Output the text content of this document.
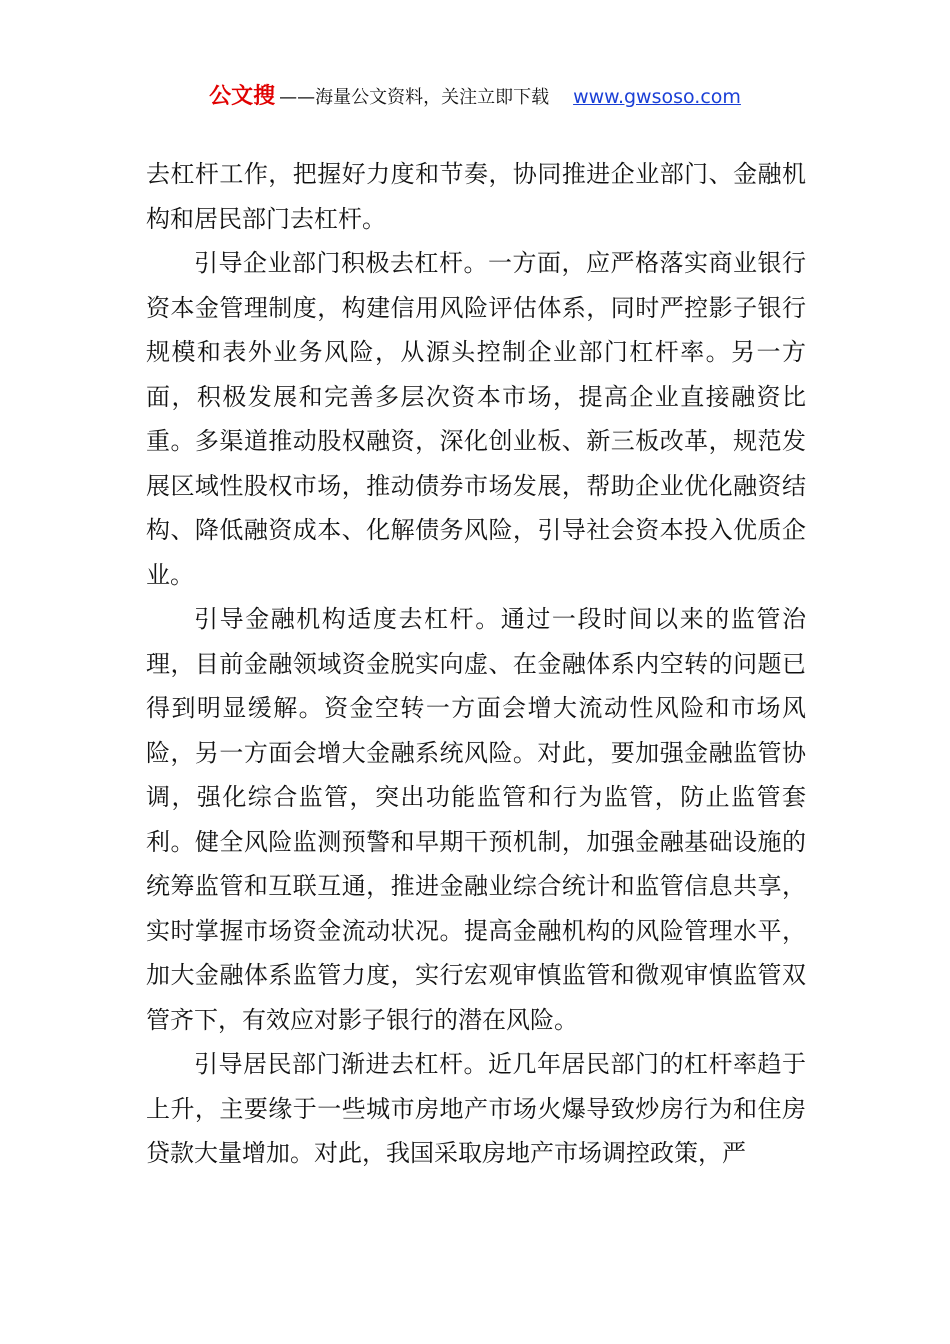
公文搜 ——海量公文资料，关注立即下载 www.gwsoso.com

去杠杆工作，把握好力度和节奏，协同推进企业部门、金融机构和居民部门去杠杆。

引导企业部门积极去杠杆。一方面，应严格落实商业银行资本金管理制度，构建信用风险评估体系，同时严控影子银行规模和表外业务风险，从源头控制企业部门杠杆率。另一方面，积极发展和完善多层次资本市场，提高企业直接融资比重。多渠道推动股权融资，深化创业板、新三板改革，规范发展区域性股权市场，推动债券市场发展，帮助企业优化融资结构、降低融资成本、化解债务风险，引导社会资本投入优质企业。

引导金融机构适度去杠杆。通过一段时间以来的监管治理，目前金融领域资金脱实向虚、在金融体系内空转的问题已得到明显缓解。资金空转一方面会增大流动性风险和市场风险，另一方面会增大金融系统风险。对此，要加强金融监管协调，强化综合监管，突出功能监管和行为监管，防止监管套利。健全风险监测预警和早期干预机制，加强金融基础设施的统筹监管和互联互通，推进金融业综合统计和监管信息共享，实时掌握市场资金流动状况。提高金融机构的风险管理水平，加大金融体系监管力度，实行宏观审慎监管和微观审慎监管双管齐下，有效应对影子银行的潜在风险。

引导居民部门渐进去杠杆。近几年居民部门的杠杆率趋于上升，主要缘于一些城市房地产市场火爆导致炒房行为和住房贷款大量增加。对此，我国采取房地产市场调控政策，严
